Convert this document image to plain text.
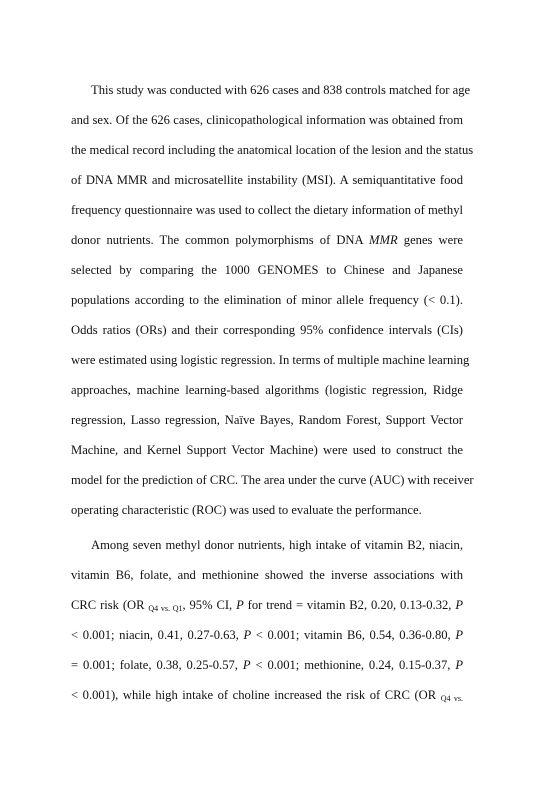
This study was conducted with 626 cases and 838 controls matched for age
and sex. Of the 626 cases, clinicopathological information was obtained from
the medical record including the anatomical location of the lesion and the status
of DNA MMR and microsatellite instability (MSI). A semiquantitative food
frequency questionnaire was used to collect the dietary information of methyl
donor nutrients. The common polymorphisms of DNA MMR genes were
selected by comparing the 1000 GENOMES to Chinese and Japanese
populations according to the elimination of minor allele frequency (< 0.1).
Odds ratios (ORs) and their corresponding 95% confidence intervals (CIs)
were estimated using logistic regression. In terms of multiple machine learning
approaches, machine learning-based algorithms (logistic regression, Ridge
regression, Lasso regression, Naïve Bayes, Random Forest, Support Vector
Machine, and Kernel Support Vector Machine) were used to construct the
model for the prediction of CRC. The area under the curve (AUC) with receiver
operating characteristic (ROC) was used to evaluate the performance.
Among seven methyl donor nutrients, high intake of vitamin B2, niacin,
vitamin B6, folate, and methionine showed the inverse associations with
CRC risk (OR $_{Q4 vs. Q1}$, 95% CI, P for trend = vitamin B2, 0.20, 0.13-0.32, P
< 0.001; niacin, 0.41, 0.27-0.63, P < 0.001; vitamin B6, 0.54, 0.36-0.80, P
= 0.001; folate, 0.38, 0.25-0.57, P < 0.001; methionine, 0.24, 0.15-0.37, P
< 0.001), while high intake of choline increased the risk of CRC (OR $_{Q4 vs.}$
